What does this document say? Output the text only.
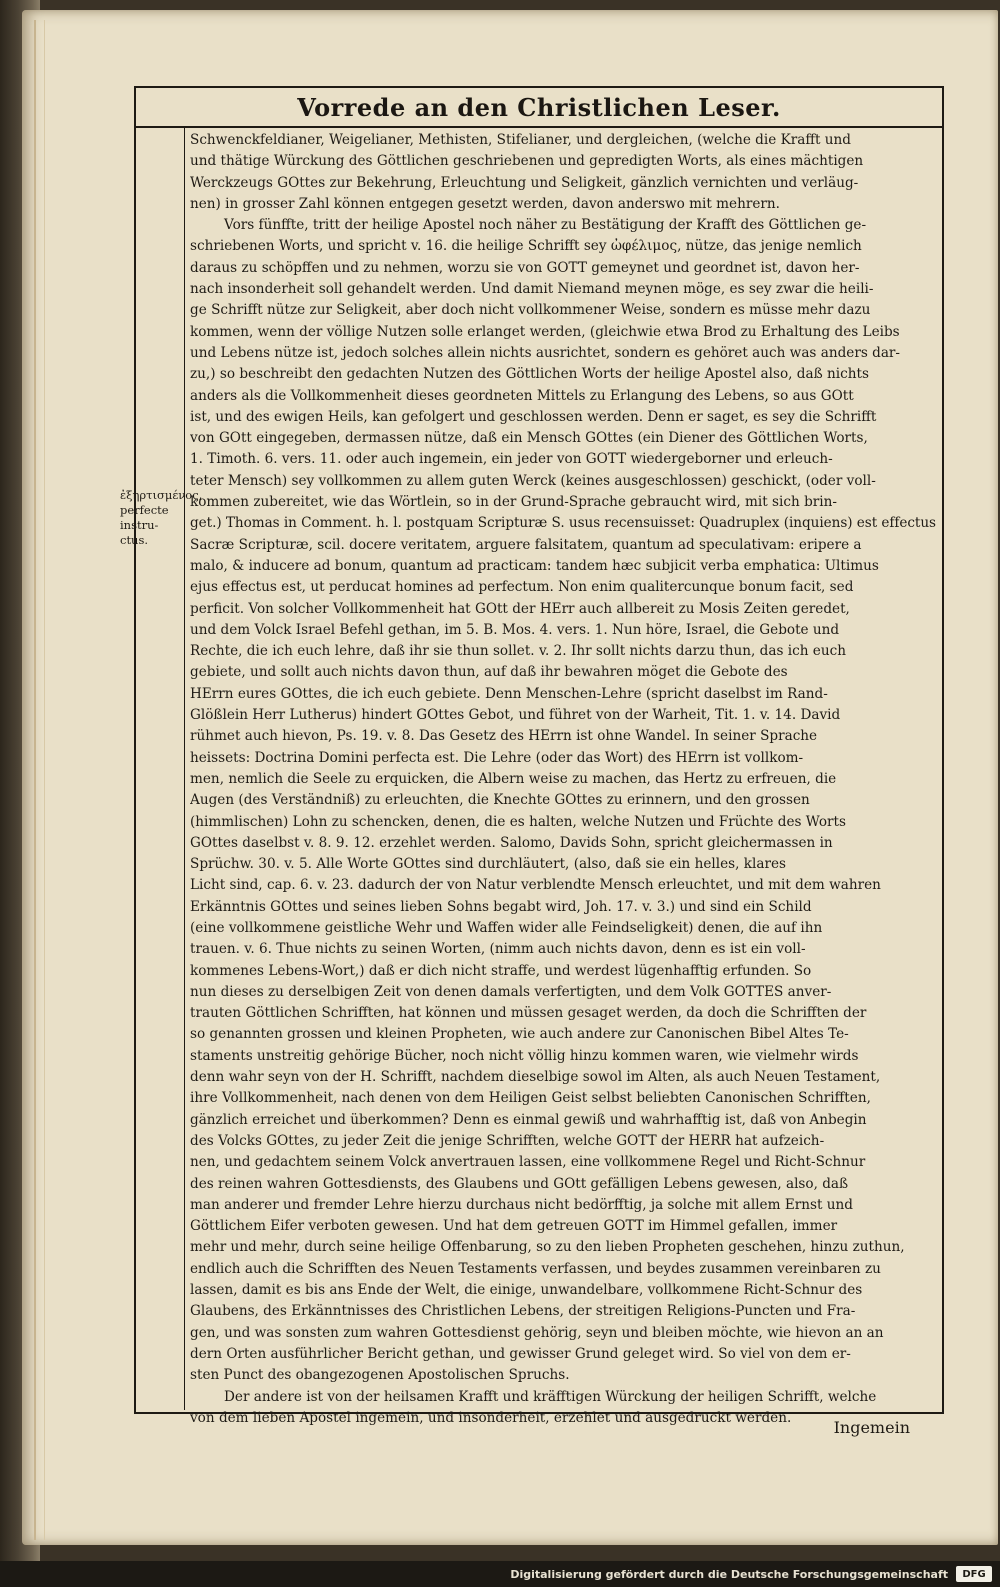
Vorrede an den Christlichen Leser.
Schwenckfeldianer, Weigelianer, Methisten, Stifelianer, und dergleichen, (welche die Krafft und
und thätige Würckung des Göttlichen geschriebenen und gepredigten Worts, als eines mächtigen
Werckzeugs GOttes zur Bekehrung, Erleuchtung und Seligkeit, gänzlich vernichten und verläug-
nen) in grosser Zahl können entgegen gesetzt werden, davon anderswo mit mehrern.
Vors fünffte, tritt der heilige Apostel noch näher zu Bestätigung der Krafft des Göttlichen ge-
schriebenen Worts, und spricht v. 16. die heilige Schrifft sey ὠφέλιμος, nütze, das jenige nemlich
daraus zu schöpffen und zu nehmen, worzu sie von GOTT gemeynet und geordnet ist, davon her-
nach insonderheit soll gehandelt werden. Und damit Niemand meynen möge, es sey zwar die heili-
ge Schrifft nütze zur Seligkeit, aber doch nicht vollkommener Weise, sondern es müsse mehr dazu
kommen, wenn der völlige Nutzen solle erlanget werden, (gleichwie etwa Brod zu Erhaltung des Leibs
und Lebens nütze ist, jedoch solches allein nichts ausrichtet, sondern es gehöret auch was anders dar-
zu,) so beschreibt den gedachten Nutzen des Göttlichen Worts der heilige Apostel also, daß nichts
anders als die Vollkommenheit dieses geordneten Mittels zu Erlangung des Lebens, so aus GOtt
ist, und des ewigen Heils, kan gefolgert und geschlossen werden. Denn er saget, es sey die Schrifft
von GOtt eingegeben, dermassen nütze, daß ein Mensch GOttes (ein Diener des Göttlichen Worts,
1. Timoth. 6. vers. 11. oder auch ingemein, ein jeder von GOTT wiedergeborner und erleuch-
teter Mensch) sey vollkommen zu allem guten Werck (keines ausgeschlossen) geschickt, (oder voll-
kommen zubereitet, wie das Wörtlein, so in der Grund-Sprache gebraucht wird, mit sich brin-
get.) Thomas in Comment. h. l. postquam Scripturæ S. usus recensuisset: Quadruplex (inquiens) est effectus
Sacræ Scripturæ, scil. docere veritatem, arguere falsitatem, quantum ad speculativam: eripere a
malo, & inducere ad bonum, quantum ad practicam: tandem hæc subjicit verba emphatica: Ultimus
ejus effectus est, ut perducat homines ad perfectum. Non enim qualitercunque bonum facit, sed
perficit. Von solcher Vollkommenheit hat GOtt der HErr auch allbereit zu Mosis Zeiten geredet,
und dem Volck Israel Befehl gethan, im 5. B. Mos. 4. vers. 1. Nun höre, Israel, die Gebote und
Rechte, die ich euch lehre, daß ihr sie thun sollet. v. 2. Ihr sollt nichts darzu thun, das ich euch
gebiete, und sollt auch nichts davon thun, auf daß ihr bewahren möget die Gebote des
HErrn eures GOttes, die ich euch gebiete. Denn Menschen-Lehre (spricht daselbst im Rand-
Glößlein Herr Lutherus) hindert GOttes Gebot, und führet von der Warheit, Tit. 1. v. 14. David
rühmet auch hievon, Ps. 19. v. 8. Das Gesetz des HErrn ist ohne Wandel. In seiner Sprache
heissets: Doctrina Domini perfecta est. Die Lehre (oder das Wort) des HErrn ist vollkom-
men, nemlich die Seele zu erquicken, die Albern weise zu machen, das Hertz zu erfreuen, die
Augen (des Verständniß) zu erleuchten, die Knechte GOttes zu erinnern, und den grossen
(himmlischen) Lohn zu schencken, denen, die es halten, welche Nutzen und Früchte des Worts
GOttes daselbst v. 8. 9. 12. erzehlet werden. Salomo, Davids Sohn, spricht gleichermassen in
Sprüchw. 30. v. 5. Alle Worte GOttes sind durchläutert, (also, daß sie ein helles, klares
Licht sind, cap. 6. v. 23. dadurch der von Natur verblendte Mensch erleuchtet, und mit dem wahren
Erkänntnis GOttes und seines lieben Sohns begabt wird, Joh. 17. v. 3.) und sind ein Schild
(eine vollkommene geistliche Wehr und Waffen wider alle Feindseligkeit) denen, die auf ihn
trauen. v. 6. Thue nichts zu seinen Worten, (nimm auch nichts davon, denn es ist ein voll-
kommenes Lebens-Wort,) daß er dich nicht straffe, und werdest lügenhafftig erfunden. So
nun dieses zu derselbigen Zeit von denen damals verfertigten, und dem Volk GOTTES anver-
trauten Göttlichen Schrifften, hat können und müssen gesaget werden, da doch die Schrifften der
so genannten grossen und kleinen Propheten, wie auch andere zur Canonischen Bibel Altes Te-
staments unstreitig gehörige Bücher, noch nicht völlig hinzu kommen waren, wie vielmehr wirds
denn wahr seyn von der H. Schrifft, nachdem dieselbige sowol im Alten, als auch Neuen Testament,
ihre Vollkommenheit, nach denen von dem Heiligen Geist selbst beliebten Canonischen Schrifften,
gänzlich erreichet und überkommen? Denn es einmal gewiß und wahrhafftig ist, daß von Anbegin
des Volcks GOttes, zu jeder Zeit die jenige Schrifften, welche GOTT der HERR hat aufzeich-
nen, und gedachtem seinem Volck anvertrauen lassen, eine vollkommene Regel und Richt-Schnur
des reinen wahren Gottesdiensts, des Glaubens und GOtt gefälligen Lebens gewesen, also, daß
man anderer und fremder Lehre hierzu durchaus nicht bedörfftig, ja solche mit allem Ernst und
Göttlichem Eifer verboten gewesen. Und hat dem getreuen GOTT im Himmel gefallen, immer
mehr und mehr, durch seine heilige Offenbarung, so zu den lieben Propheten geschehen, hinzu zuthun,
endlich auch die Schrifften des Neuen Testaments verfassen, und beydes zusammen vereinbaren zu
lassen, damit es bis ans Ende der Welt, die einige, unwandelbare, vollkommene Richt-Schnur des
Glaubens, des Erkänntnisses des Christlichen Lebens, der streitigen Religions-Puncten und Fra-
gen, und was sonsten zum wahren Gottesdienst gehörig, seyn und bleiben möchte, wie hievon an an
dern Orten ausführlicher Bericht gethan, und gewisser Grund geleget wird. So viel von dem er-
sten Punct des obangezogenen Apostolischen Spruchs.
Der andere ist von der heilsamen Krafft und kräfftigen Würckung der heiligen Schrifft, welche
von dem lieben Apostel ingemein, und insonderheit, erzehlet und ausgedruckt werden.
ἐξηρτισμένος,
perfecte
instru-
ctus.
Ingemein
Digitalisierung gefördert durch die Deutsche Forschungsgemeinschaft	DFG
